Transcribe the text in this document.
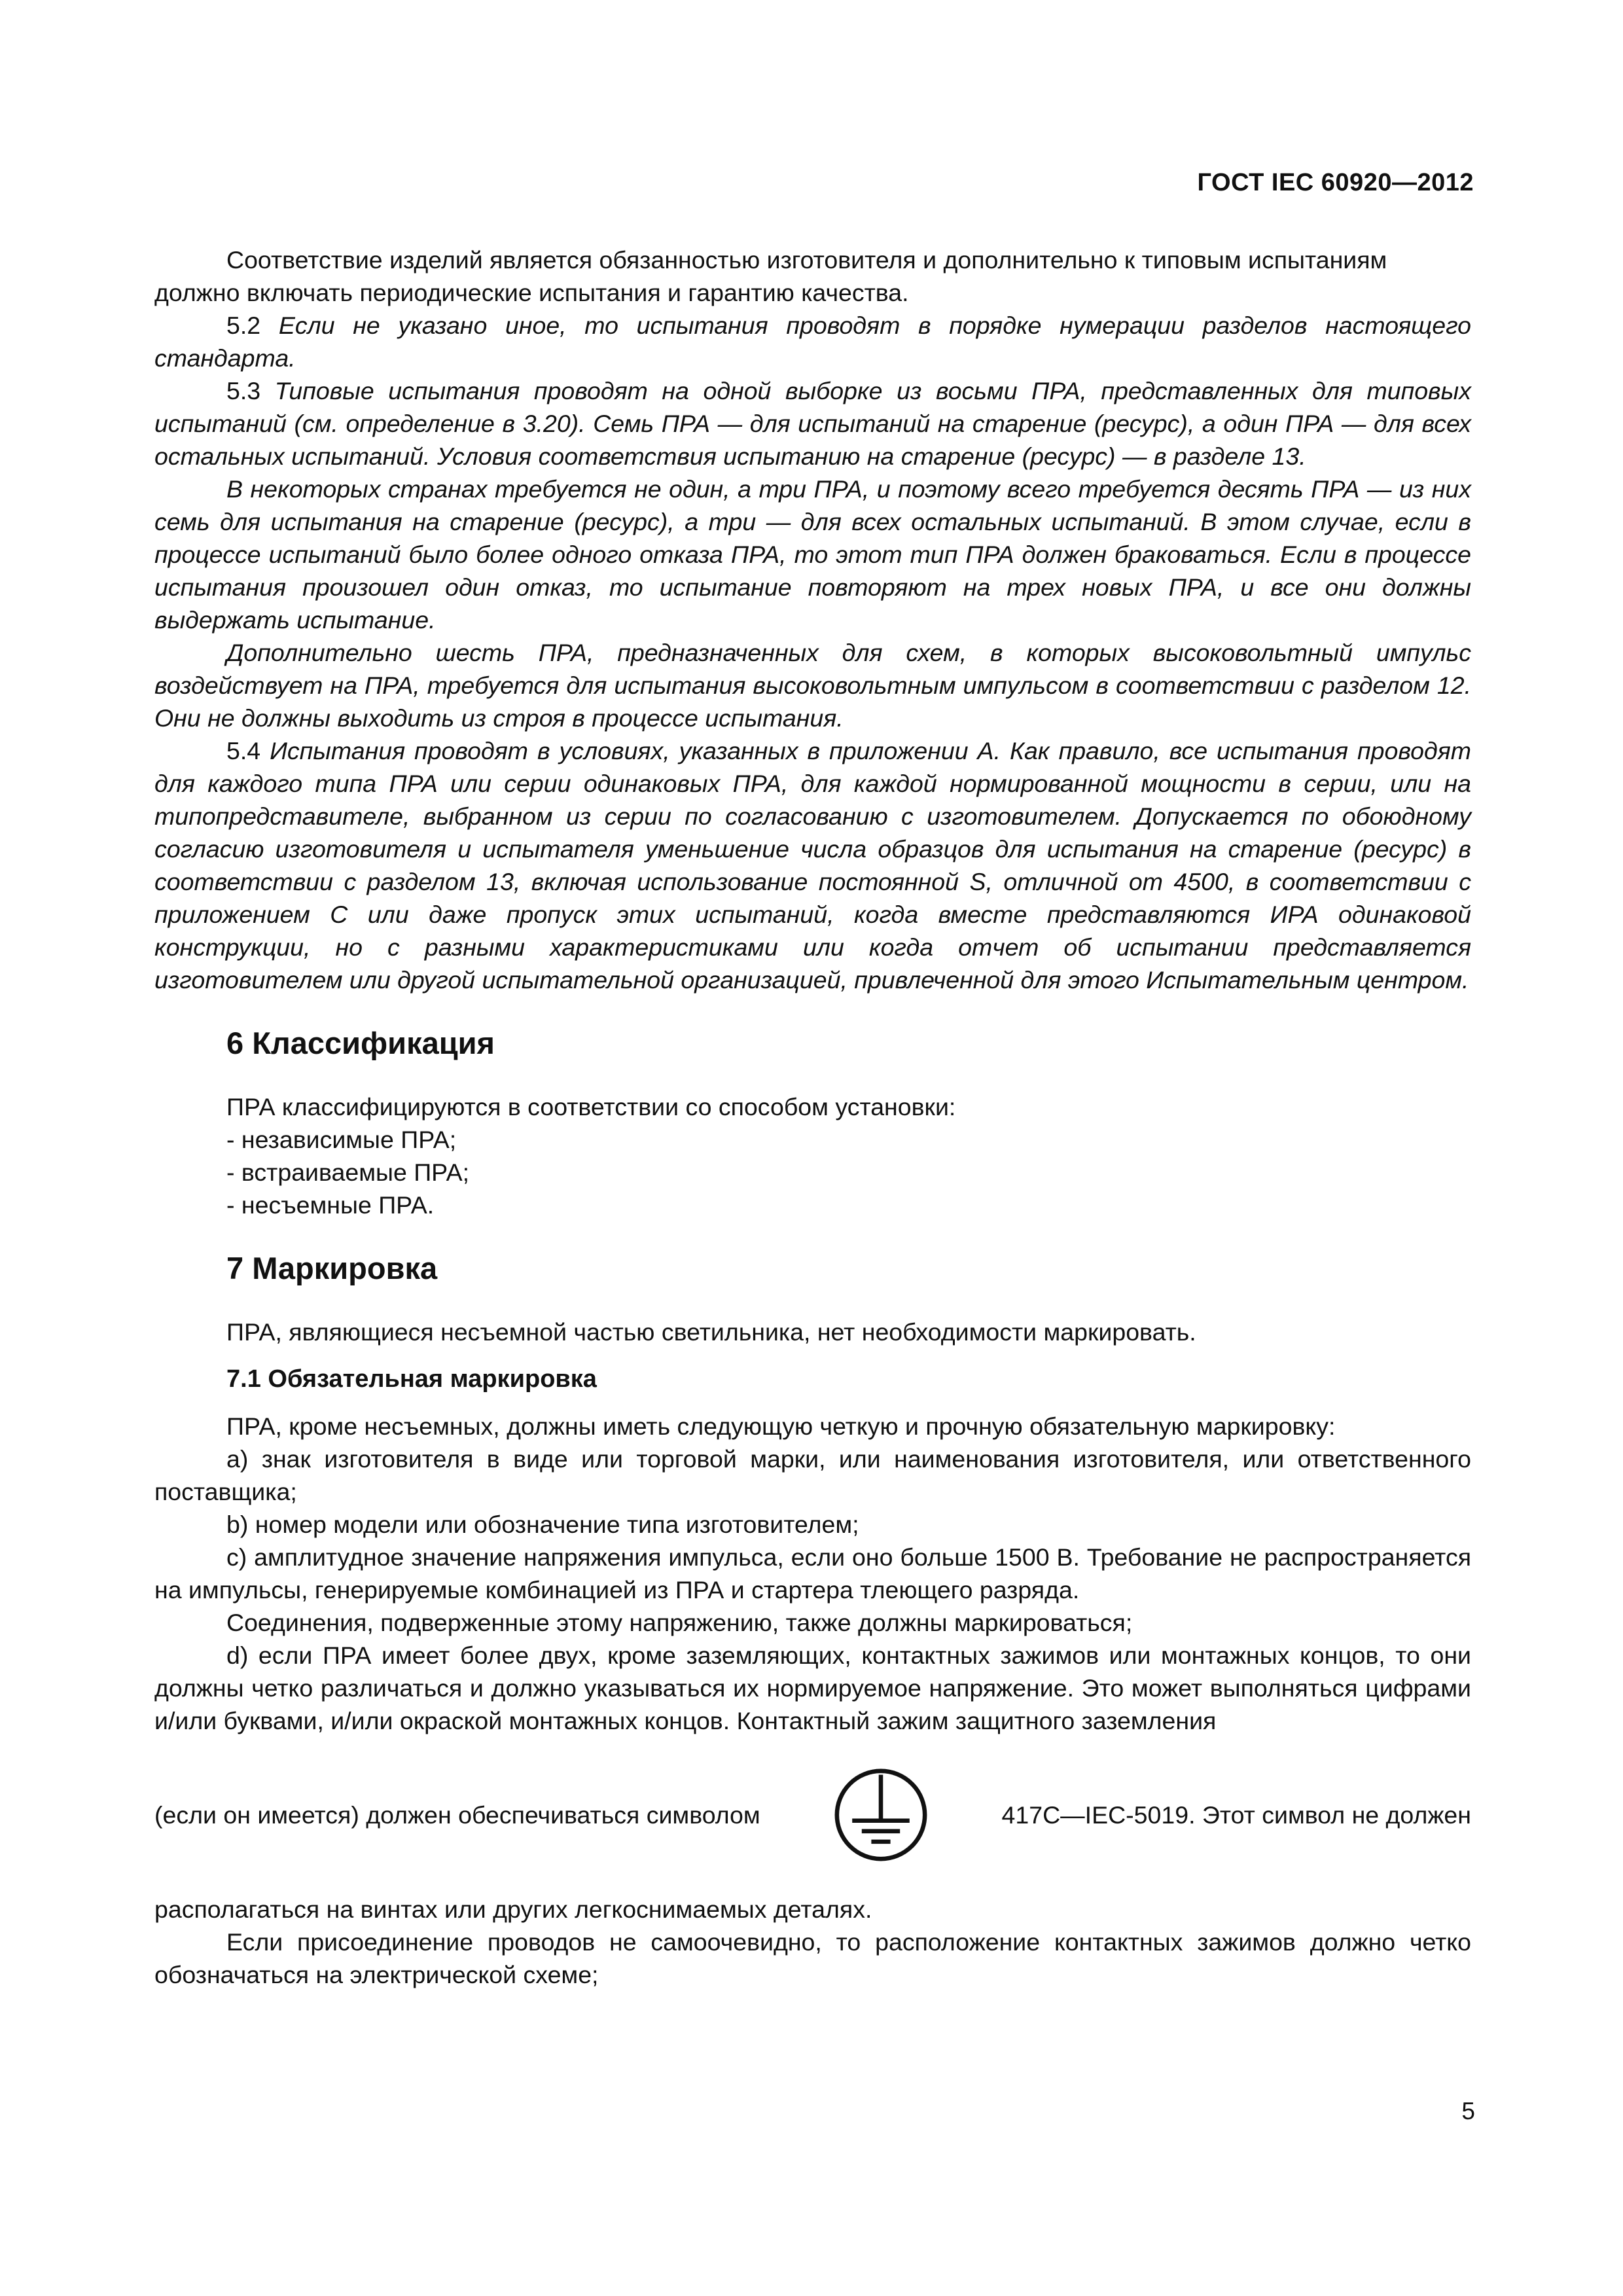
ГОСТ IEC 60920—2012

Соответствие изделий является обязанностью изготовителя и дополнительно к типовым испытаниям

должно включать периодические испытания и гарантию качества.

5.2 Если не указано иное, то испытания проводят в порядке нумерации разделов настоящего стандарта.

5.3 Типовые испытания проводят на одной выборке из восьми ПРА, представленных для типовых испытаний (см. определение в 3.20). Семь ПРА — для испытаний на старение (ресурс), а один ПРА — для всех остальных испытаний. Условия соответствия испытанию на старение (ресурс) — в разделе 13.

В некоторых странах требуется не один, а три ПРА, и поэтому всего требуется десять ПРА — из них семь для испытания на старение (ресурс), а три — для всех остальных испытаний. В этом случае, если в процессе испытаний было более одного отказа ПРА, то этот тип ПРА должен браковаться. Если в процессе испытания произошел один отказ, то испытание повторяют на трех новых ПРА, и все они должны выдержать испытание.

Дополнительно шесть ПРА, предназначенных для схем, в которых высоковольтный импульс воздействует на ПРА, требуется для испытания высоковольтным импульсом в соответствии с разделом 12. Они не должны выходить из строя в процессе испытания.

5.4 Испытания проводят в условиях, указанных в приложении А. Как правило, все испытания проводят для каждого типа ПРА или серии одинаковых ПРА, для каждой нормированной мощности в серии, или на типопредставителе, выбранном из серии по согласованию с изготовителем. Допускается по обоюдному согласию изготовителя и испытателя уменьшение числа образцов для испытания на старение (ресурс) в соответствии с разделом 13, включая использование постоянной S, отличной от 4500, в соответствии с приложением С или даже пропуск этих испытаний, когда вместе представляются ИРА одинаковой конструкции, но с разными характеристиками или когда отчет об испытании представляется изготовителем или другой испытательной организацией, привлеченной для этого Испытательным центром.

6 Классификация

ПРА классифицируются в соответствии со способом установки:

- независимые ПРА;

- встраиваемые ПРА;

- несъемные ПРА.

7 Маркировка

ПРА, являющиеся несъемной частью светильника, нет необходимости маркировать.

7.1 Обязательная маркировка

ПРА, кроме несъемных, должны иметь следующую четкую и прочную обязательную маркировку:

а) знак изготовителя в виде или торговой марки, или наименования изготовителя, или ответственного поставщика;

b) номер модели или обозначение типа изготовителем;

с) амплитудное значение напряжения импульса, если оно больше 1500 В. Требование не распространяется на импульсы, генерируемые комбинацией из ПРА и стартера тлеющего разряда.

Соединения, подверженные этому напряжению, также должны маркироваться;

d) если ПРА имеет более двух, кроме заземляющих, контактных зажимов или монтажных концов, то они должны четко различаться и должно указываться их нормируемое напряжение. Это может выполняться цифрами и/или буквами, и/или окраской монтажных концов. Контактный зажим защитного заземления

(если он имеется) должен обеспечиваться символом	417С—IEC-5019. Этот символ не должен

располагаться на винтах или других легкоснимаемых деталях.

Если присоединение проводов не самоочевидно, то расположение контактных зажимов должно четко обозначаться на электрической схеме;

5
